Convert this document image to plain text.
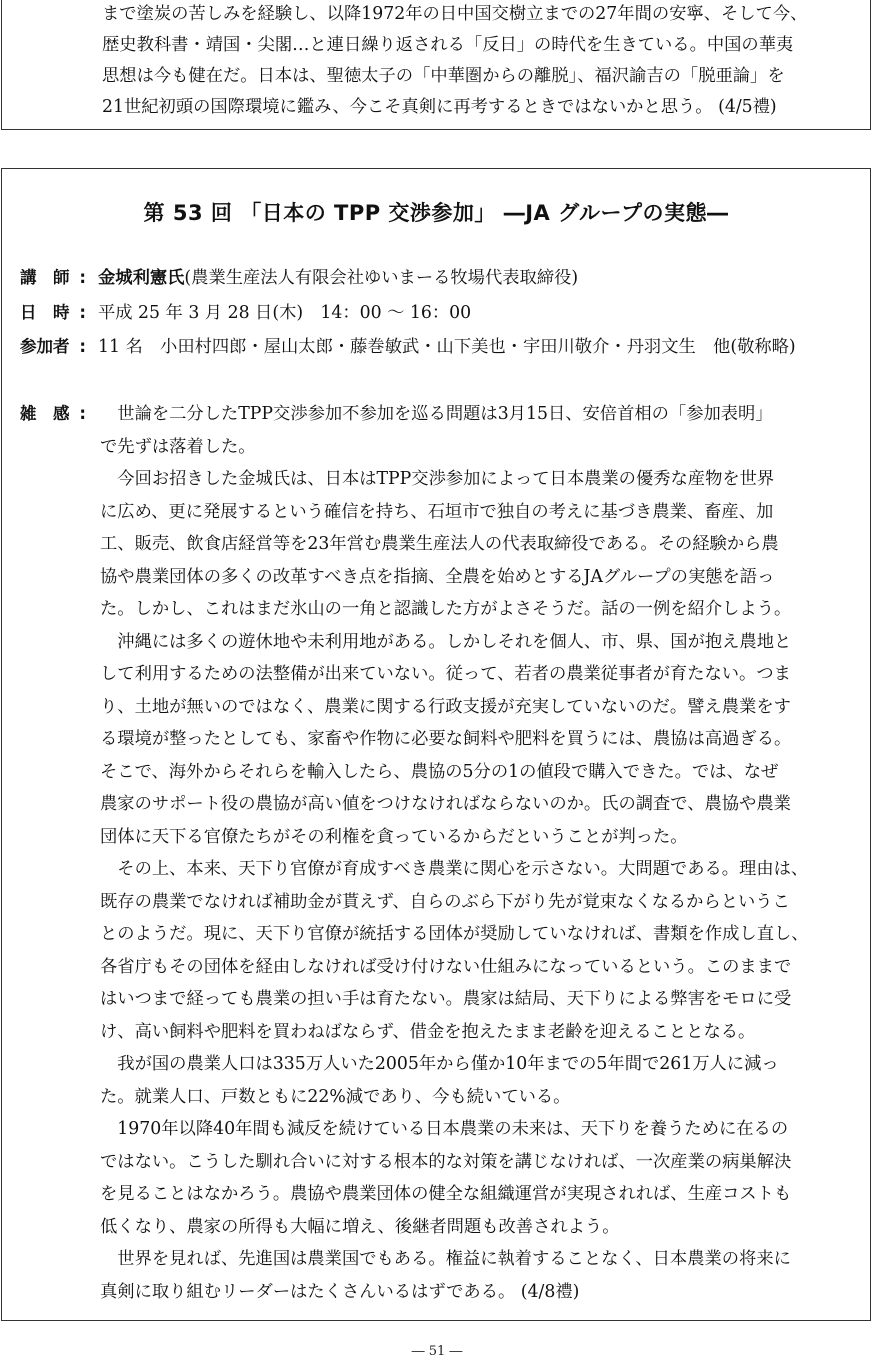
まで塗炭の苦しみを経験し、以降1972年の日中国交樹立までの27年間の安寧、そして今、
歴史教科書・靖国・尖閣…と連日繰り返される「反日」の時代を生きている。中国の華夷
思想は今も健在だ。日本は、聖徳太子の「中華圏からの離脱」、福沢諭吉の「脱亜論」を
21世紀初頭の国際環境に鑑み、今こそ真剣に再考するときではないかと思う。 (4/5禮)
第 53 回 「日本の TPP 交渉参加」 ―JA グループの実態―
講　師 : 金城利憲氏(農業生産法人有限会社ゆいまーる牧場代表取締役)
日　時 : 平成 25 年 3 月 28 日(木)　14：00 ～ 16：00
参加者 : 11 名　小田村四郎・屋山太郎・藤巻敏武・山下美也・宇田川敬介・丹羽文生　他(敬称略)
雑　感 : 　世論を二分したTPP交渉参加不参加を巡る問題は3月15日、安倍首相の「参加表明」
で先ずは落着した。
　今回お招きした金城氏は、日本はTPP交渉参加によって日本農業の優秀な産物を世界
に広め、更に発展するという確信を持ち、石垣市で独自の考えに基づき農業、畜産、加
工、販売、飲食店経営等を23年営む農業生産法人の代表取締役である。その経験から農
協や農業団体の多くの改革すべき点を指摘、全農を始めとするJAグループの実態を語っ
た。しかし、これはまだ氷山の一角と認識した方がよさそうだ。話の一例を紹介しよう。
　沖縄には多くの遊休地や未利用地がある。しかしそれを個人、市、県、国が抱え農地と
して利用するための法整備が出来ていない。従って、若者の農業従事者が育たない。つま
り、土地が無いのではなく、農業に関する行政支援が充実していないのだ。譬え農業をす
る環境が整ったとしても、家畜や作物に必要な飼料や肥料を買うには、農協は高過ぎる。
そこで、海外からそれらを輸入したら、農協の5分の1の値段で購入できた。では、なぜ
農家のサポート役の農協が高い値をつけなければならないのか。氏の調査で、農協や農業
団体に天下る官僚たちがその利権を貪っているからだということが判った。
　その上、本来、天下り官僚が育成すべき農業に関心を示さない。大問題である。理由は、
既存の農業でなければ補助金が貰えず、自らのぶら下がり先が覚束なくなるからというこ
とのようだ。現に、天下り官僚が統括する団体が奨励していなければ、書類を作成し直し、
各省庁もその団体を経由しなければ受け付けない仕組みになっているという。このままで
はいつまで経っても農業の担い手は育たない。農家は結局、天下りによる弊害をモロに受
け、高い飼料や肥料を買わねばならず、借金を抱えたまま老齢を迎えることとなる。
　我が国の農業人口は335万人いた2005年から僅か10年までの5年間で261万人に減っ
た。就業人口、戸数ともに22%減であり、今も続いている。
　1970年以降40年間も減反を続けている日本農業の未来は、天下りを養うために在るの
ではない。こうした馴れ合いに対する根本的な対策を講じなければ、一次産業の病巣解決
を見ることはなかろう。農協や農業団体の健全な組織運営が実現されれば、生産コストも
低くなり、農家の所得も大幅に増え、後継者問題も改善されよう。
　世界を見れば、先進国は農業国でもある。権益に執着することなく、日本農業の将来に
真剣に取り組むリーダーはたくさんいるはずである。 (4/8禮)
― 51 ―
